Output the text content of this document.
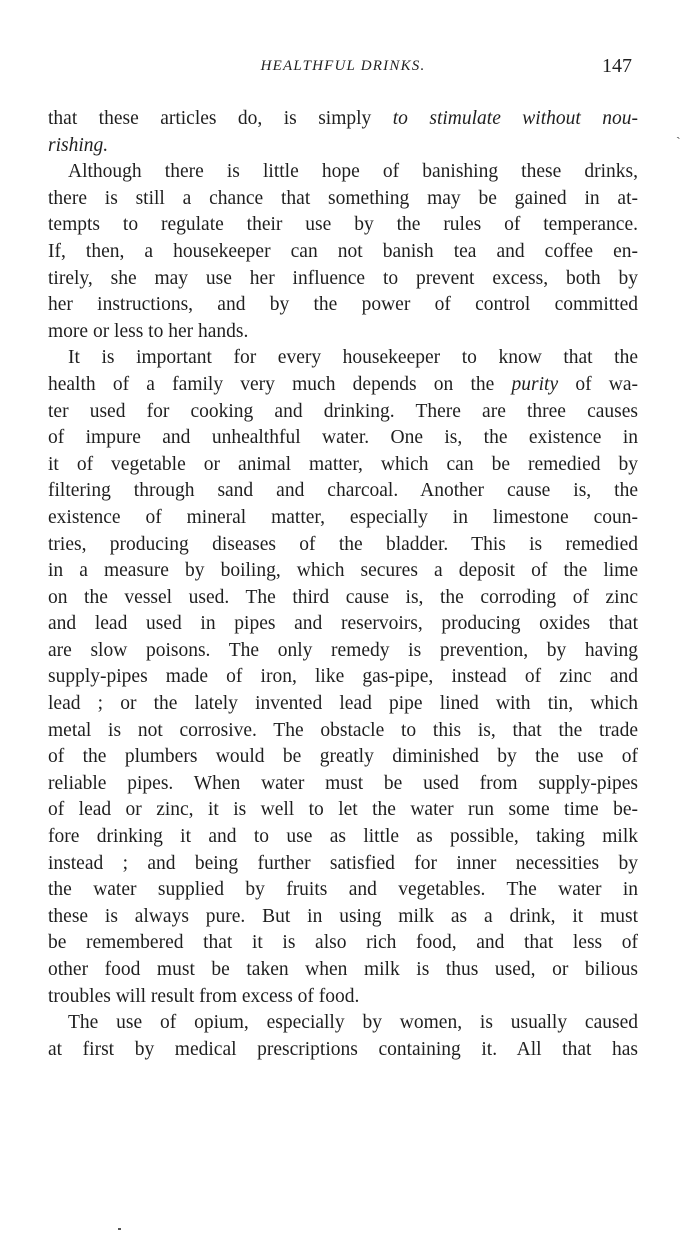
HEALTHFUL DRINKS.	147
ˎ
that these articles do, is simply to stimulate without nou-
rishing.
Although there is little hope of banishing these drinks,
there is still a chance that something may be gained in at-
tempts to regulate their use by the rules of temperance.
If, then, a housekeeper can not banish tea and coffee en-
tirely, she may use her influence to prevent excess, both by
her instructions, and by the power of control committed
more or less to her hands.
It is important for every housekeeper to know that the
health of a family very much depends on the purity of wa-
ter used for cooking and drinking. There are three causes
of impure and unhealthful water. One is, the existence in
it of vegetable or animal matter, which can be remedied by
filtering through sand and charcoal. Another cause is, the
existence of mineral matter, especially in limestone coun-
tries, producing diseases of the bladder. This is remedied
in a measure by boiling, which secures a deposit of the lime
on the vessel used. The third cause is, the corroding of zinc
and lead used in pipes and reservoirs, producing oxides that
are slow poisons. The only remedy is prevention, by having
supply-pipes made of iron, like gas-pipe, instead of zinc and
lead ; or the lately invented lead pipe lined with tin, which
metal is not corrosive. The obstacle to this is, that the trade
of the plumbers would be greatly diminished by the use of
reliable pipes. When water must be used from supply-pipes
of lead or zinc, it is well to let the water run some time be-
fore drinking it and to use as little as possible, taking milk
instead ; and being further satisfied for inner necessities by
the water supplied by fruits and vegetables. The water in
these is always pure. But in using milk as a drink, it must
be remembered that it is also rich food, and that less of
other food must be taken when milk is thus used, or bilious
troubles will result from excess of food.
The use of opium, especially by women, is usually caused
at first by medical prescriptions containing it. All that has
